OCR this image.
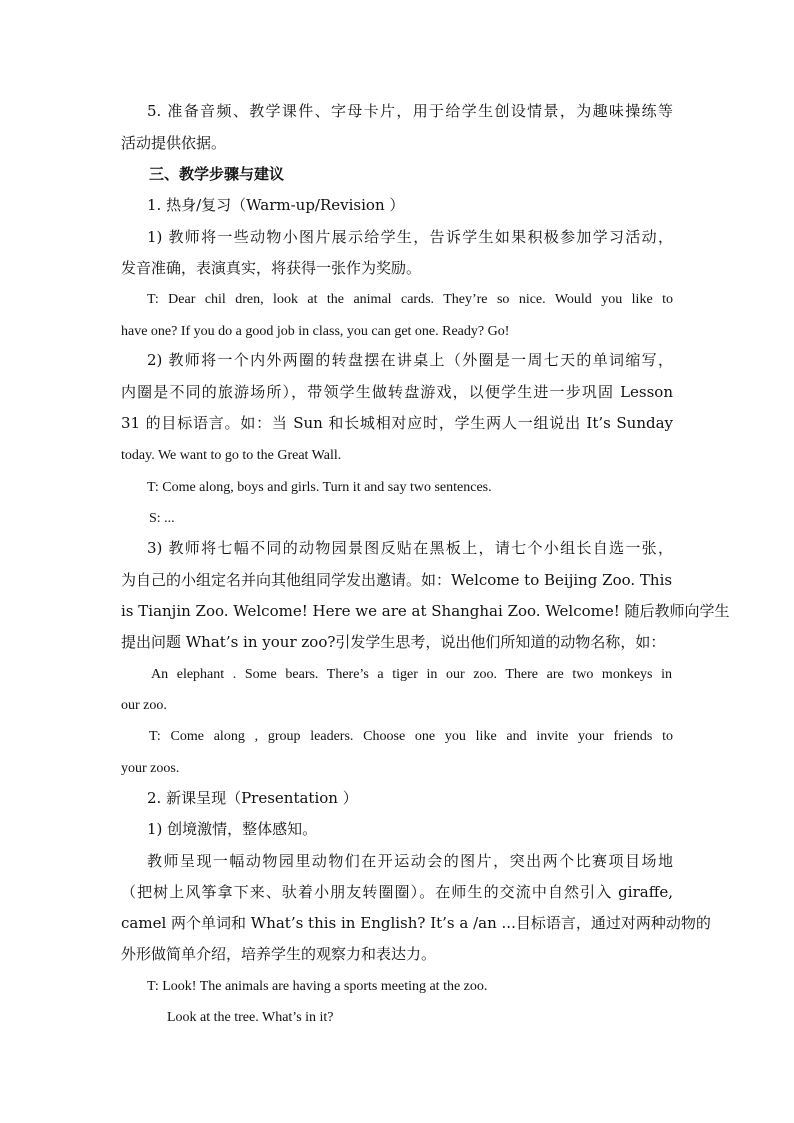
5. 准备音频、教学课件、字母卡片，用于给学生创设情景，为趣味操练等
活动提供依据。
三、教学步骤与建议
1. 热身/复习（Warm-up/Revision ）
1) 教师将一些动物小图片展示给学生，告诉学生如果积极参加学习活动，
发音准确，表演真实，将获得一张作为奖励。
T: Dear chil dren, look at the animal cards. They’re so nice. Would you like to
have one? If you do a good job in class, you can get one. Ready? Go!
2) 教师将一个内外两圈的转盘摆在讲桌上（外圈是一周七天的单词缩写，
内圈是不同的旅游场所），带领学生做转盘游戏，以便学生进一步巩固 Lesson
31 的目标语言。如：当 Sun 和长城相对应时，学生两人一组说出 It’s Sunday
today. We want to go to the Great Wall.
T: Come along, boys and girls. Turn it and say two sentences.
S: ...
3) 教师将七幅不同的动物园景图反贴在黑板上，请七个小组长自选一张，
为自己的小组定名并向其他组同学发出邀请。如：Welcome to Beijing Zoo. This
is Tianjin Zoo. Welcome! Here we are at Shanghai Zoo. Welcome! 随后教师向学生
提出问题 What’s in your zoo?引发学生思考，说出他们所知道的动物名称，如：
An elephant . Some bears. There’s a tiger in our zoo. There are two monkeys in
our zoo.
T: Come along , group leaders. Choose one you like and invite your friends to
your zoos.
2. 新课呈现（Presentation ）
1) 创境激情，整体感知。
教师呈现一幅动物园里动物们在开运动会的图片，突出两个比赛项目场地
（把树上风筝拿下来、驮着小朋友转圈圈）。在师生的交流中自然引入 giraffe,
camel 两个单词和 What’s this in English? It’s a /an ...目标语言，通过对两种动物的
外形做简单介绍，培养学生的观察力和表达力。
T: Look! The animals are having a sports meeting at the zoo.
Look at the tree. What’s in it?
